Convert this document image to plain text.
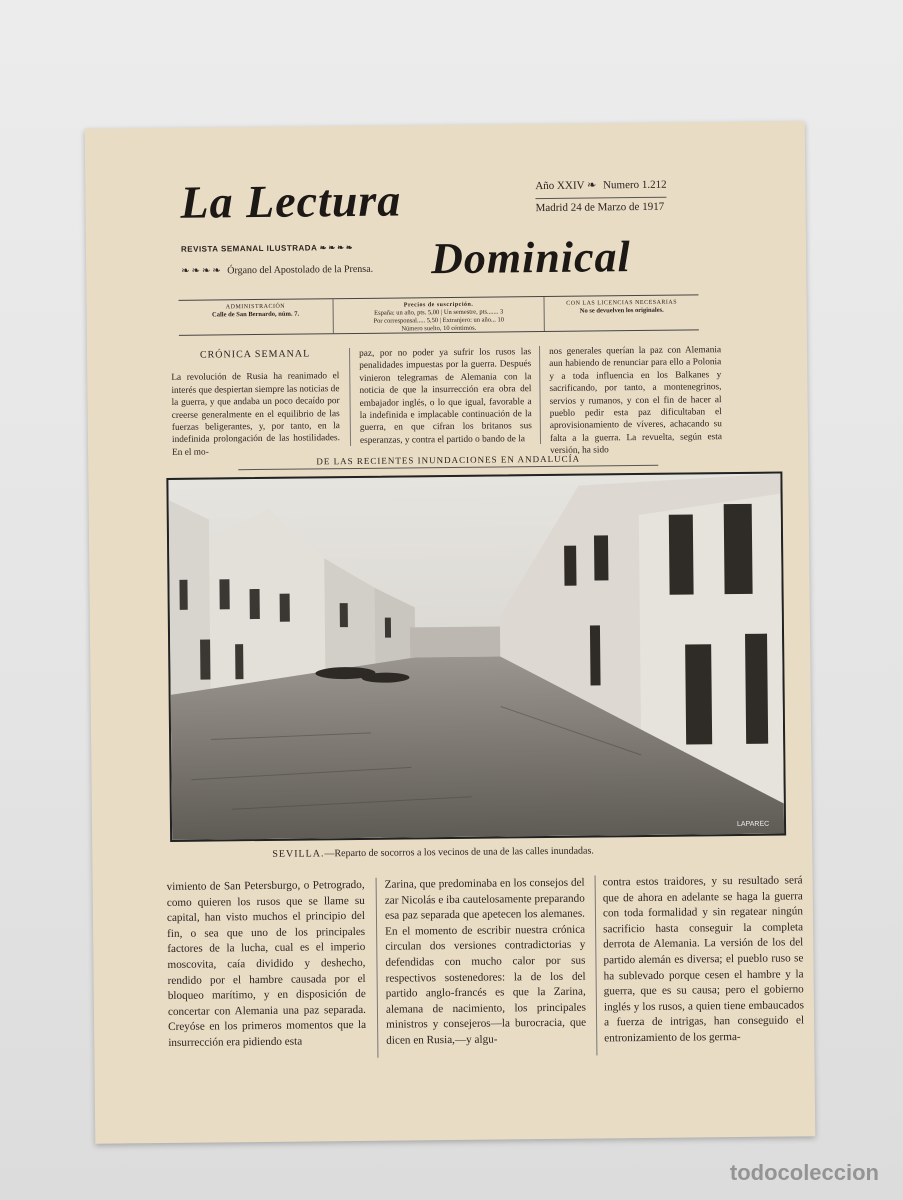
La Lectura
Dominical
Año XXIV ❧ Numero 1.212
Madrid 24 de Marzo de 1917
REVISTA SEMANAL ILUSTRADA ❧❧❧❧
❧❧❧❧ Órgano del Apostolado de la Prensa.
ADMINISTRACIÓN
Calle de San Bernardo, núm. 7.
Precios de suscripción.
España: un año, pts. 5,00 | Un semestre, pts....... 3
Por corresponsal..... 5,50 | Extranjero: un año... 10
Número suelto, 10 céntimos.
CON LAS LICENCIAS NECESARIAS
No se devuelven los originales.
CRÓNICA SEMANAL
La revolución de Rusia ha reanimado el interés que despiertan siempre las noticias de la guerra, y que andaba un poco decaído por creerse generalmente en el equilibrio de las fuerzas beligerantes, y, por tanto, en la indefinida prolongación de las hostilidades. En el mo-
paz, por no poder ya sufrir los rusos las penalidades impuestas por la guerra. Después vinieron telegramas de Alemania con la noticia de que la insurrección era obra del embajador inglés, o lo que igual, favorable a la indefinida e implacable continuación de la guerra, en que cifran los britanos sus esperanzas, y contra el partido o bando de la
nos generales querían la paz con Alemania aun habiendo de renunciar para ello a Polonia y a toda influencia en los Balkanes y sacrificando, por tanto, a montenegrinos, servios y rumanos, y con el fin de hacer al pueblo pedir esta paz dificultaban el aprovisionamiento de víveres, achacando su falta a la guerra. La revuelta, según esta versión, ha sido
DE LAS RECIENTES INUNDACIONES EN ANDALUCÍA
LAPAREC
SEVILLA.—Reparto de socorros a los vecinos de una de las calles inundadas.
vimiento de San Petersburgo, o Petrogrado, como quieren los rusos que se llame su capital, han visto muchos el principio del fin, o sea que uno de los principales factores de la lucha, cual es el imperio moscovita, caía dividido y deshecho, rendido por el hambre causada por el bloqueo marítimo, y en disposición de concertar con Alemania una paz separada. Creyóse en los primeros momentos que la insurrección era pidiendo esta
Zarina, que predominaba en los consejos del zar Nicolás e iba cautelosamente preparando esa paz separada que apetecen los alemanes. En el momento de escribir nuestra crónica circulan dos versiones contradictorias y defendidas con mucho calor por sus respectivos sostenedores: la de los del partido anglo-francés es que la Zarina, alemana de nacimiento, los principales ministros y consejeros—la burocracia, que dicen en Rusia,—y algu-
contra estos traidores, y su resultado será que de ahora en adelante se haga la guerra con toda formalidad y sin regatear ningún sacrificio hasta conseguir la completa derrota de Alemania. La versión de los del partido alemán es diversa; el pueblo ruso se ha sublevado porque cesen el hambre y la guerra, que es su causa; pero el gobierno inglés y los rusos, a quien tiene embaucados a fuerza de intrigas, han conseguido el entronizamiento de los germa-
todocoleccion
